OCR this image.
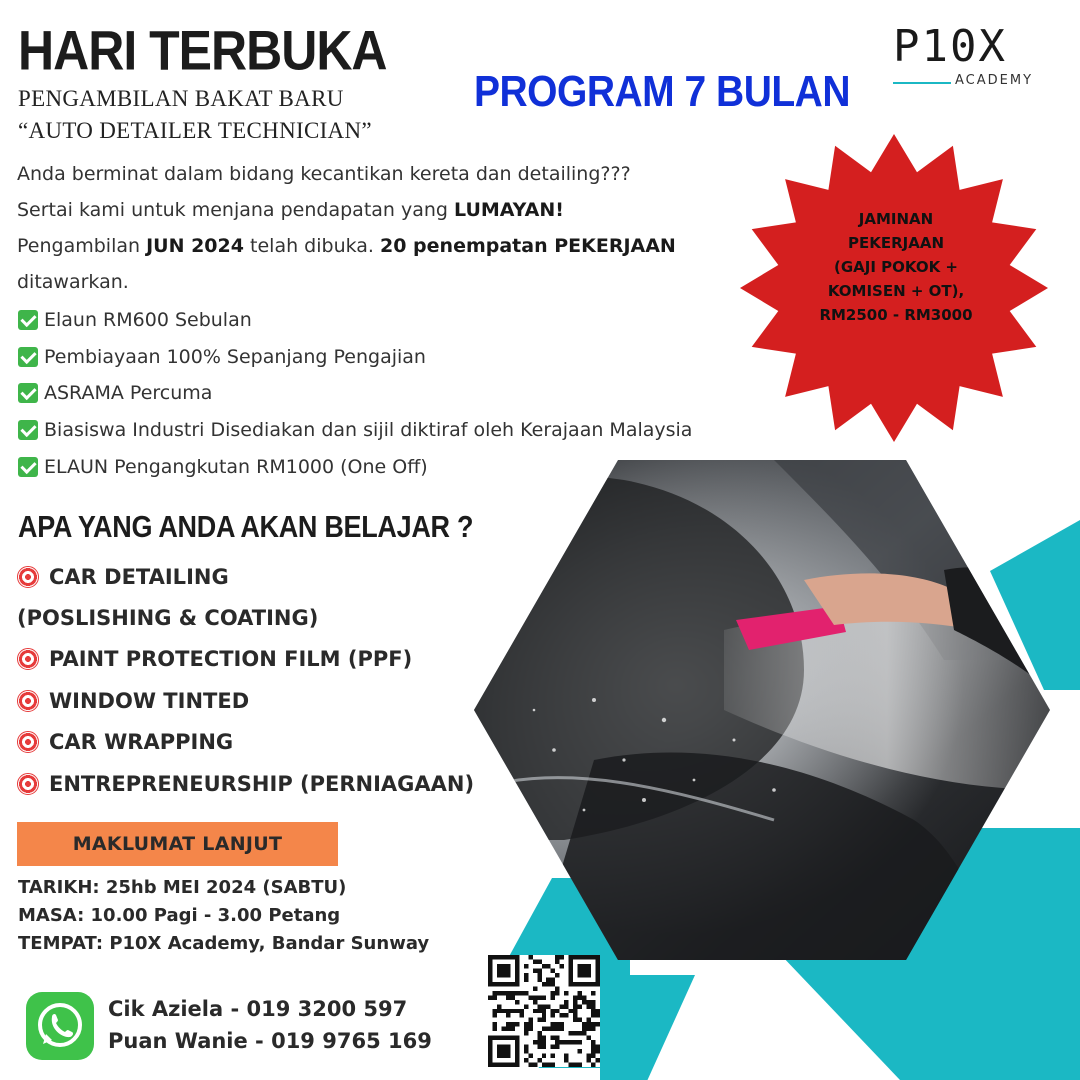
HARI TERBUKA
PENGAMBILAN BAKAT BARU
“AUTO DETAILER TECHNICIAN”
PROGRAM 7 BULAN
P10X
ACADEMY
Anda berminat dalam bidang kecantikan kereta dan detailing???
Sertai kami untuk menjana pendapatan yang LUMAYAN!
Pengambilan JUN 2024 telah dibuka. 20 penempatan PEKERJAAN
ditawarkan.
JAMINAN
PEKERJAAN
(GAJI POKOK +
KOMISEN + OT),
RM2500 - RM3000
Elaun RM600 Sebulan
Pembiayaan 100% Sepanjang Pengajian
ASRAMA Percuma
Biasiswa Industri Disediakan dan sijil diktiraf oleh Kerajaan Malaysia
ELAUN Pengangkutan RM1000 (One Off)
APA YANG ANDA AKAN BELAJAR ?
CAR DETAILING
(POSLISHING & COATING)
PAINT PROTECTION FILM (PPF)
WINDOW TINTED
CAR WRAPPING
ENTREPRENEURSHIP (PERNIAGAAN)
MAKLUMAT LANJUT
TARIKH: 25hb MEI 2024 (SABTU)
MASA: 10.00 Pagi - 3.00 Petang
TEMPAT: P10X Academy, Bandar Sunway
Cik Aziela - 019 3200 597
Puan Wanie - 019 9765 169
